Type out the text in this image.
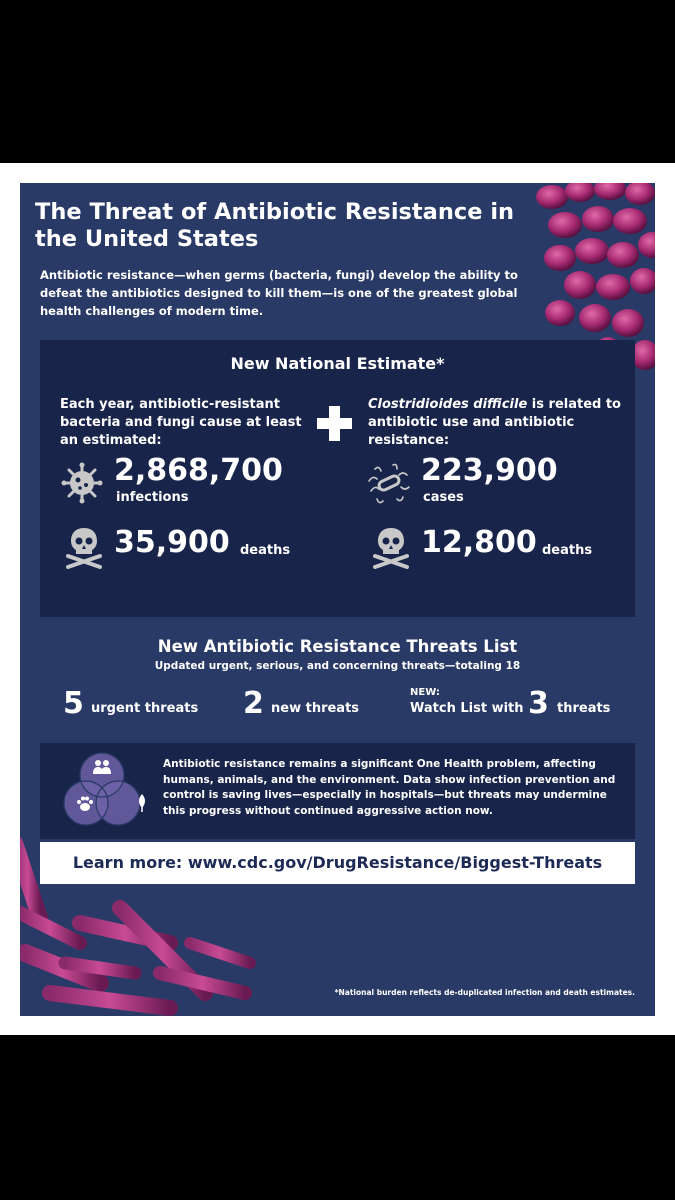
The Threat of Antibiotic Resistance in the United States
Antibiotic resistance—when germs (bacteria, fungi) develop the ability to defeat the antibiotics designed to kill them—is one of the greatest global health challenges of modern time.
New National Estimate*
Each year, antibiotic-resistant bacteria and fungi cause at least an estimated:
Clostridioides difficile is related to antibiotic use and antibiotic resistance:
2,868,700
infections
35,900 deaths
223,900
cases
12,800 deaths
New Antibiotic Resistance Threats List
Updated urgent, serious, and concerning threats—totaling 18
5 urgent threats 2 new threats
NEW:
Watch List with 3 threats
Antibiotic resistance remains a significant One Health problem, affecting humans, animals, and the environment. Data show infection prevention and control is saving lives—especially in hospitals—but threats may undermine this progress without continued aggressive action now.
Learn more: www.cdc.gov/DrugResistance/Biggest-Threats
*National burden reflects de-duplicated infection and death estimates.
